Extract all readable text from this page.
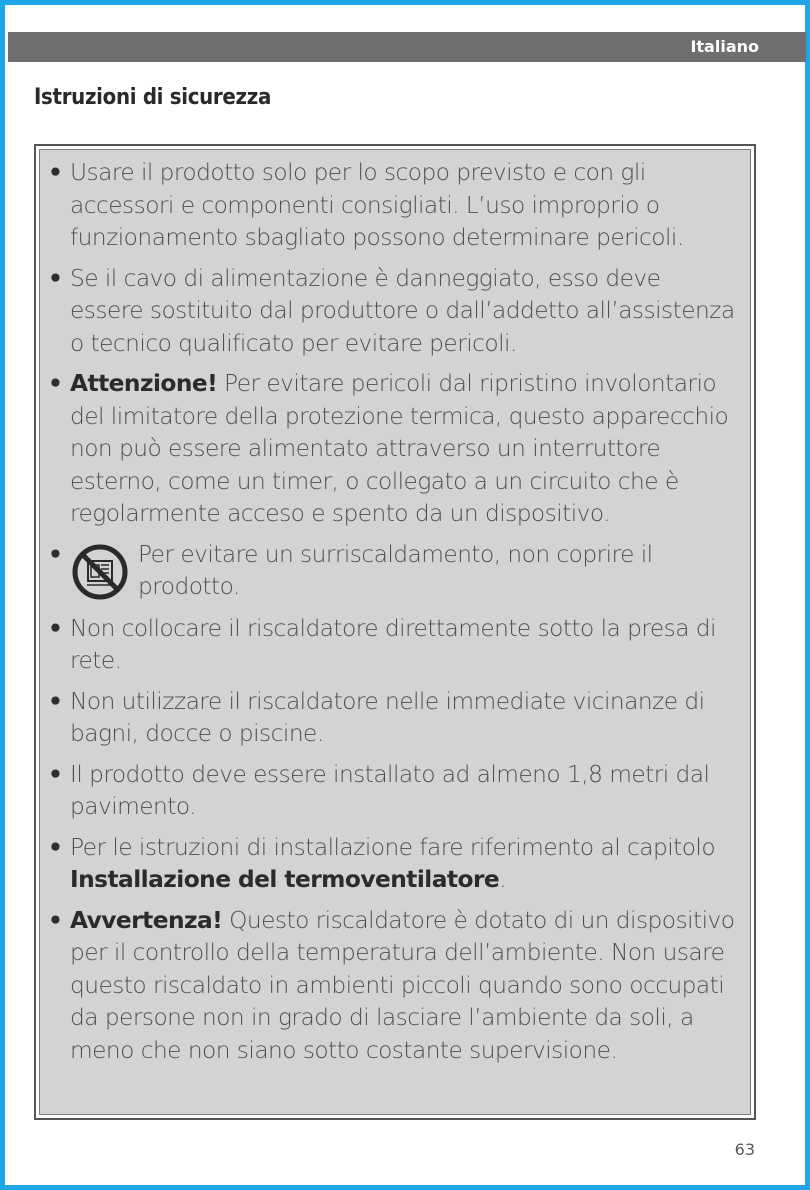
Italiano
Istruzioni di sicurezza
• Usare il prodotto solo per lo scopo previsto e con gli accessori e componenti consigliati. L’uso improprio o funzionamento sbagliato possono determinare pericoli.
• Se il cavo di alimentazione è danneggiato, esso deve essere sostituito dal produttore o dall’addetto all’assistenza o tecnico qualificato per evitare pericoli.
• Attenzione! Per evitare pericoli dal ripristino involontario del limitatore della protezione termica, questo apparecchio non può essere alimentato attraverso un interruttore esterno, come un timer, o collegato a un circuito che è regolarmente acceso e spento da un dispositivo.
•	Per evitare un surriscaldamento, non coprire il prodotto.
• Non collocare il riscaldatore direttamente sotto la presa di rete.
• Non utilizzare il riscaldatore nelle immediate vicinanze di bagni, docce o piscine.
• Il prodotto deve essere installato ad almeno 1,8 metri dal pavimento.
• Per le istruzioni di installazione fare riferimento al capitolo Installazione del termoventilatore.
• Avvertenza! Questo riscaldatore è dotato di un dispositivo per il controllo della temperatura dell’ambiente. Non usare questo riscaldato in ambienti piccoli quando sono occupati da persone non in grado di lasciare l’ambiente da soli, a meno che non siano sotto costante supervisione.
63
